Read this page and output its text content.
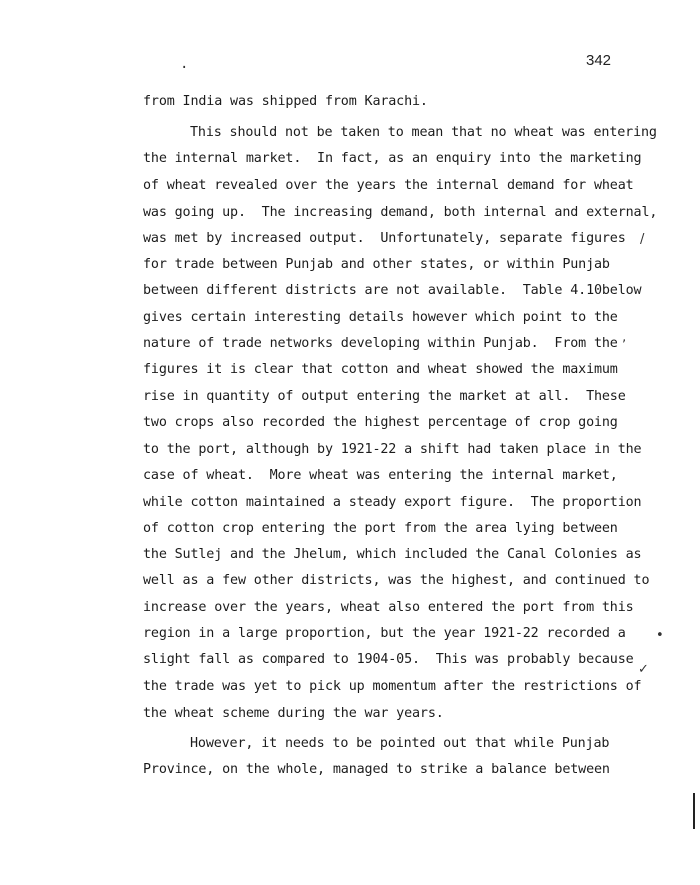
342
·
from India was shipped from Karachi.
This should not be taken to mean that no wheat was entering
the internal market.  In fact, as an enquiry into the marketing
of wheat revealed over the years the internal demand for wheat
was going up.  The increasing demand, both internal and external,
was met by increased output.  Unfortunately, separate figures
for trade between Punjab and other states, or within Punjab
between different districts are not available.  Table 4.10below
gives certain interesting details however which point to the
nature of trade networks developing within Punjab.  From the
figures it is clear that cotton and wheat showed the maximum
rise in quantity of output entering the market at all.  These
two crops also recorded the highest percentage of crop going
to the port, although by 1921-22 a shift had taken place in the
case of wheat.  More wheat was entering the internal market,
while cotton maintained a steady export figure.  The proportion
of cotton crop entering the port from the area lying between
the Sutlej and the Jhelum, which included the Canal Colonies as
well as a few other districts, was the highest, and continued to
increase over the years, wheat also entered the port from this
region in a large proportion, but the year 1921-22 recorded a
slight fall as compared to 1904-05.  This was probably because
the trade was yet to pick up momentum after the restrictions of
the wheat scheme during the war years.
However, it needs to be pointed out that while Punjab
Province, on the whole, managed to strike a balance between
/
ʼ
•
✓
